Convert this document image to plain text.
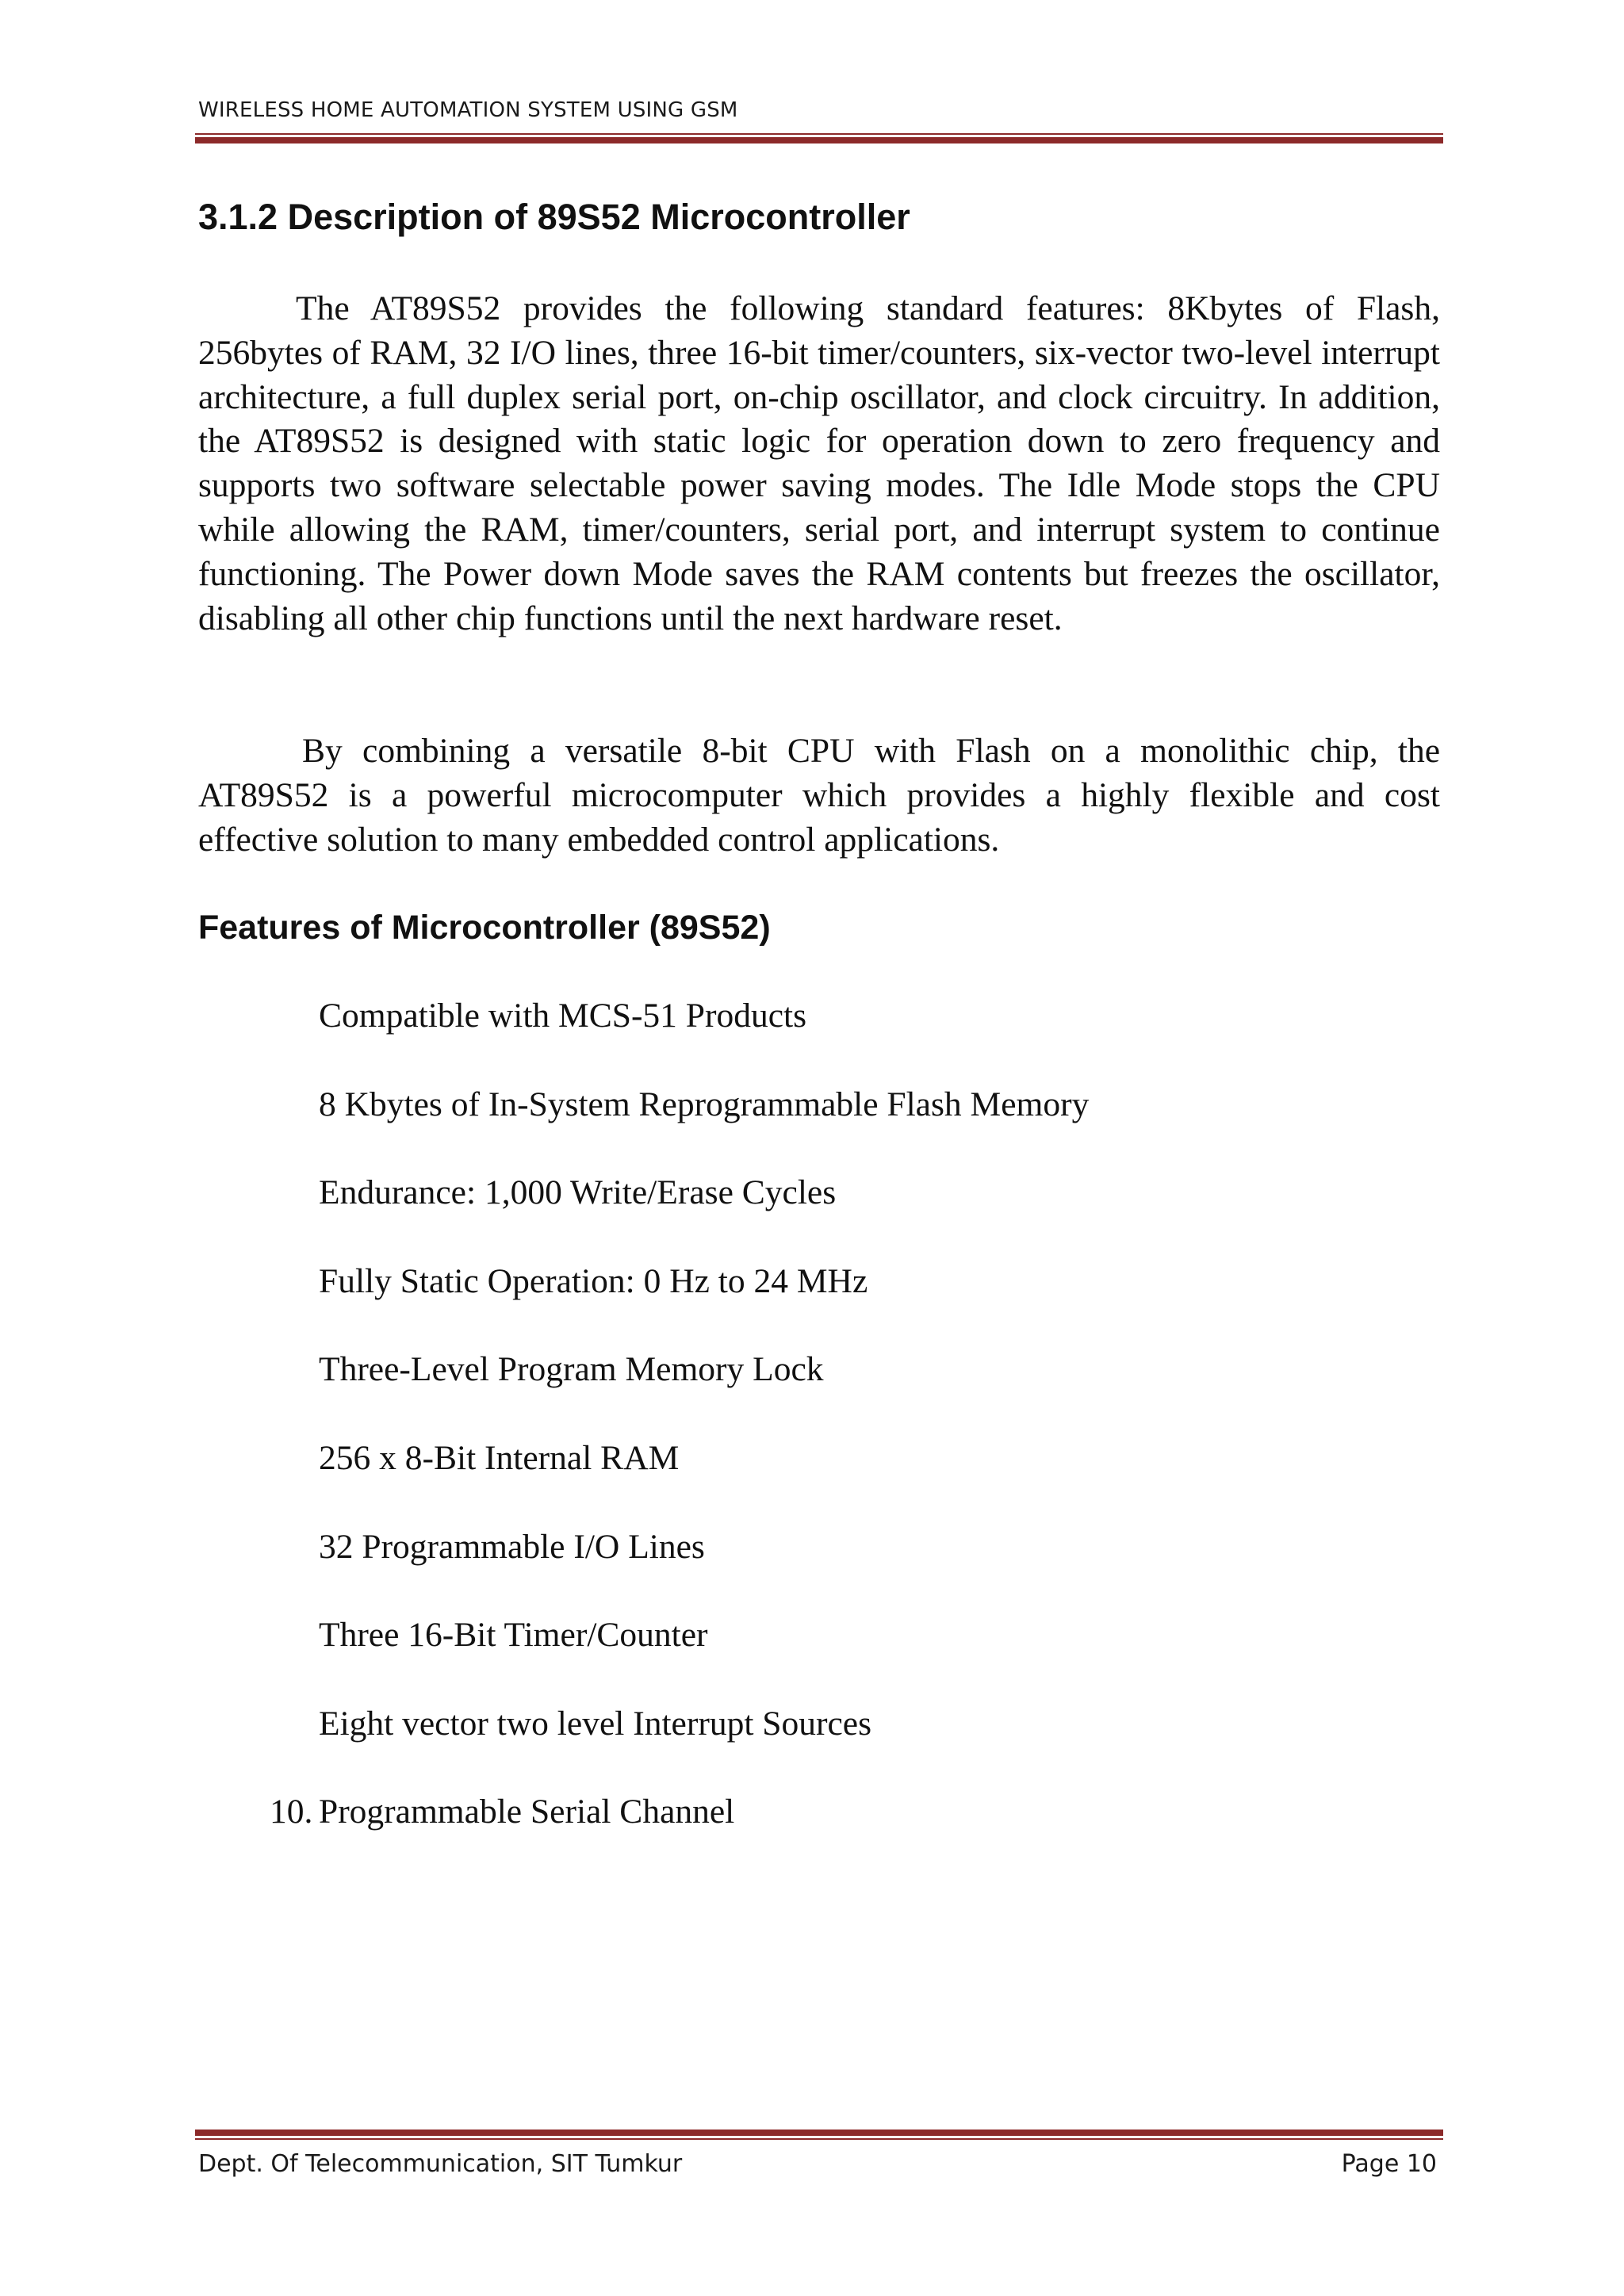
WIRELESS HOME AUTOMATION SYSTEM USING GSM
3.1.2 Description of 89S52 Microcontroller

The AT89S52 provides the following standard features: 8Kbytes of Flash, 256bytes of RAM, 32 I/O lines, three 16-bit timer/counters, six-vector two-level interrupt architecture, a full duplex serial port, on-chip oscillator, and clock circuitry. In addition, the AT89S52 is designed with static logic for operation down to zero frequency and supports two software selectable power saving modes. The Idle Mode stops the CPU while allowing the RAM, timer/counters, serial port, and interrupt system to continue functioning. The Power down Mode saves the RAM contents but freezes the oscillator, disabling all other chip functions until the next hardware reset.

By combining a versatile 8-bit CPU with Flash on a monolithic chip, the AT89S52 is a powerful microcomputer which provides a highly flexible and cost effective solution to many embedded control applications.

Features of Microcontroller (89S52)
Compatible with MCS-51 Products
8 Kbytes of In-System Reprogrammable Flash Memory
Endurance: 1,000 Write/Erase Cycles
Fully Static Operation: 0 Hz to 24 MHz
Three-Level Program Memory Lock
256 x 8-Bit Internal RAM
32 Programmable I/O Lines
Three 16-Bit Timer/Counter
Eight vector two level Interrupt Sources
10. Programmable Serial Channel
Dept. Of Telecommunication, SIT Tumkur	Page 10
